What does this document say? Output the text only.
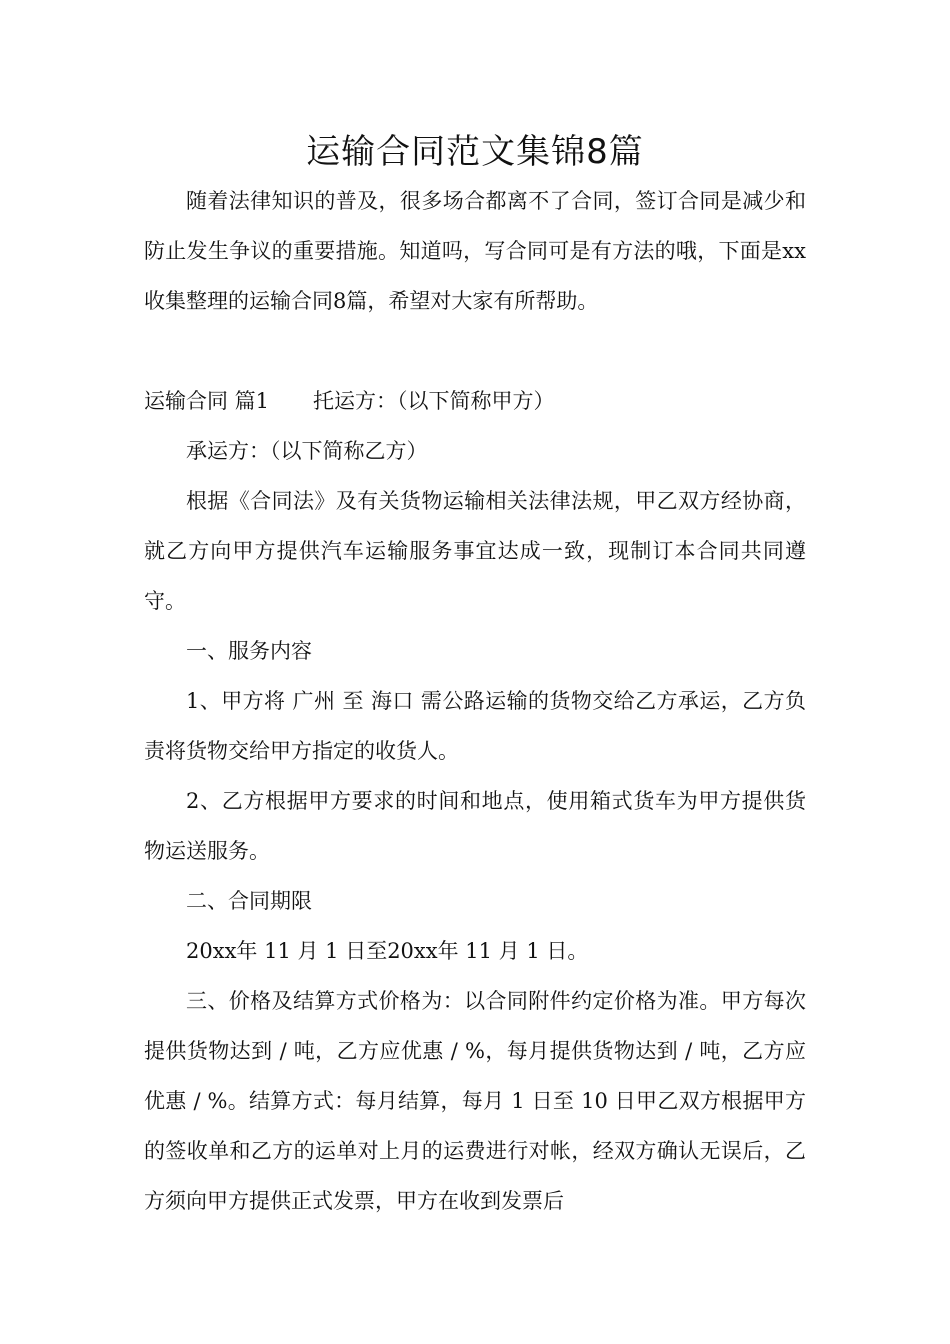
运输合同范文集锦8篇

随着法律知识的普及，很多场合都离不了合同，签订合同是减少和防止发生争议的重要措施。知道吗，写合同可是有方法的哦，下面是xx收集整理的运输合同8篇，希望对大家有所帮助。

运输合同 篇1 托运方：（以下简称甲方）

承运方：（以下简称乙方）

根据《合同法》及有关货物运输相关法律法规，甲乙双方经协商，就乙方向甲方提供汽车运输服务事宜达成一致，现制订本合同共同遵守。

一、服务内容

1、甲方将 广州 至 海口 需公路运输的货物交给乙方承运，乙方负责将货物交给甲方指定的收货人。

2、乙方根据甲方要求的时间和地点，使用箱式货车为甲方提供货物运送服务。

二、合同期限

20xx年 11 月 1 日至20xx年 11 月 1 日。

三、价格及结算方式价格为：以合同附件约定价格为准。甲方每次提供货物达到 / 吨，乙方应优惠 / %，每月提供货物达到 / 吨，乙方应优惠 / %。结算方式：每月结算，每月 1 日至 10 日甲乙双方根据甲方的签收单和乙方的运单对上月的运费进行对帐，经双方确认无误后，乙方须向甲方提供正式发票，甲方在收到发票后
